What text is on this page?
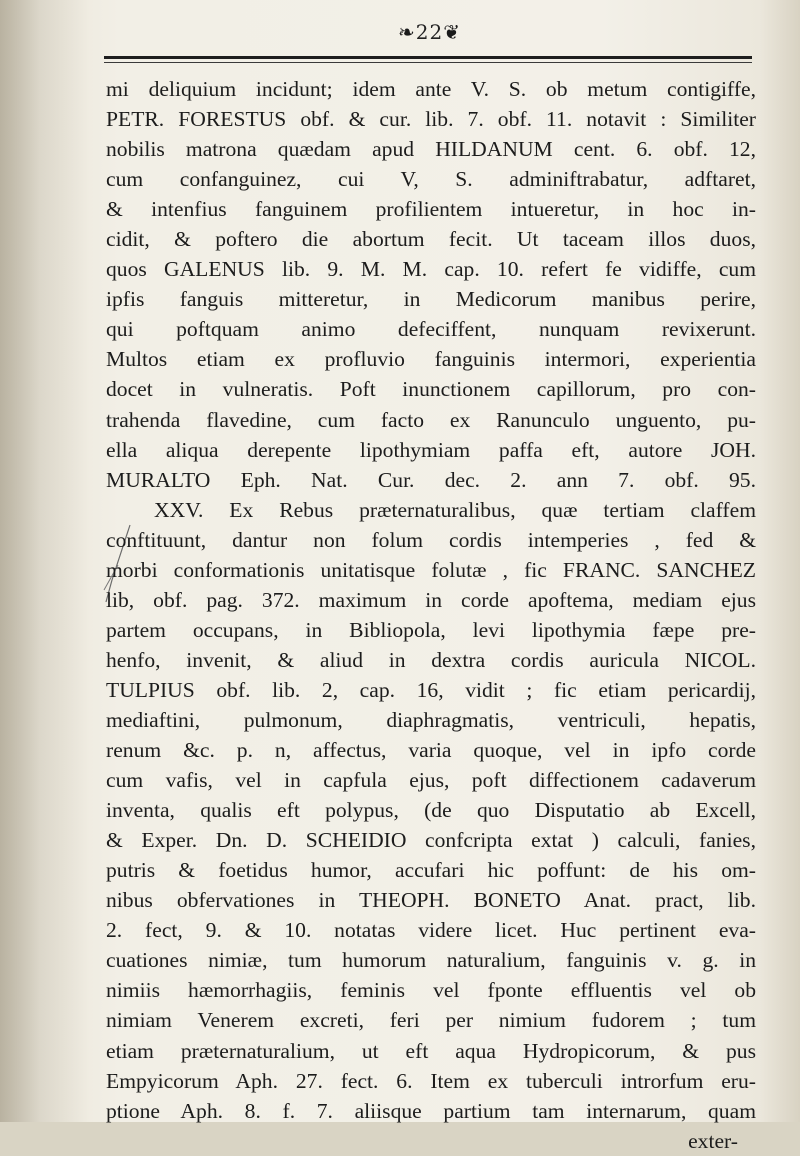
❧22❦
mi deliquium incidunt; idem ante V. S. ob metum contigiffe,
PETR. FORESTUS obf. & cur. lib. 7. obf. 11. notavit : Similiter
nobilis matrona quædam apud HILDANUM cent. 6. obf. 12,
cum confanguinez, cui V, S. adminiftrabatur, adftaret,
& intenfius fanguinem profilientem intueretur, in hoc in-
cidit, & poftero die abortum fecit. Ut taceam illos duos,
quos GALENUS lib. 9. M. M. cap. 10. refert fe vidiffe, cum
ipfis fanguis mitteretur, in Medicorum manibus perire,
qui poftquam animo defeciffent, nunquam revixerunt.
Multos etiam ex profluvio fanguinis intermori, experientia
docet in vulneratis. Poft inunctionem capillorum, pro con-
trahenda flavedine, cum facto ex Ranunculo unguento, pu-
ella aliqua derepente lipothymiam paffa eft, autore JOH.
MURALTO Eph. Nat. Cur. dec. 2. ann 7. obf. 95.
XXV. Ex Rebus præternaturalibus, quæ tertiam claffem
conftituunt, dantur non folum cordis intemperies , fed &
morbi conformationis unitatisque folutæ , fic FRANC. SANCHEZ
lib, obf. pag. 372. maximum in corde apoftema, mediam ejus
partem occupans, in Bibliopola, levi lipothymia fæpe pre-
henfo, invenit, & aliud in dextra cordis auricula NICOL.
TULPIUS obf. lib. 2, cap. 16, vidit ; fic etiam pericardij,
mediaftini, pulmonum, diaphragmatis, ventriculi, hepatis,
renum &c. p. n, affectus, varia quoque, vel in ipfo corde
cum vafis, vel in capfula ejus, poft diffectionem cadaverum
inventa, qualis eft polypus, (de quo Disputatio ab Excell,
& Exper. Dn. D. SCHEIDIO confcripta extat ) calculi, fanies,
putris & foetidus humor, accufari hic poffunt: de his om-
nibus obfervationes in THEOPH. BONETO Anat. pract, lib.
2. fect, 9. & 10. notatas videre licet. Huc pertinent eva-
cuationes nimiæ, tum humorum naturalium, fanguinis v. g. in
nimiis hæmorrhagiis, feminis vel fponte effluentis vel ob
nimiam Venerem excreti, feri per nimium fudorem ; tum
etiam præternaturalium, ut eft aqua Hydropicorum, & pus
Empyicorum Aph. 27. fect. 6. Item ex tuberculi introrfum eru-
ptione Aph. 8. f. 7. aliisque partium tam internarum, quam
exter-
